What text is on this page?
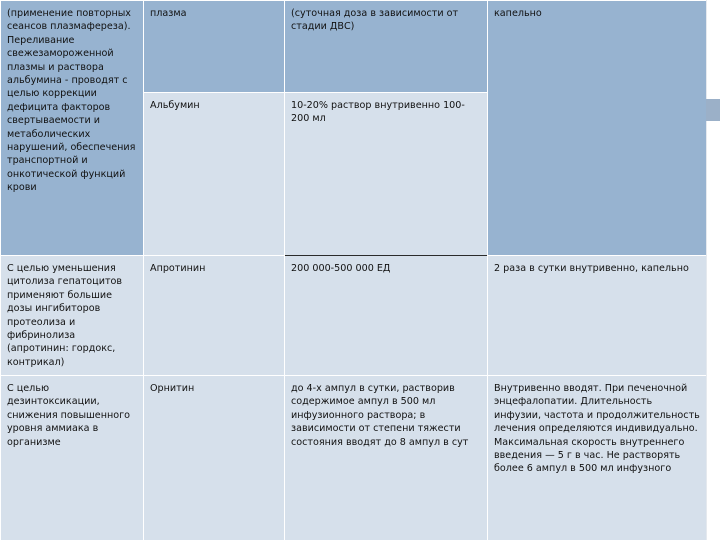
(применение повторных сеансов плазмафереза). Переливание свежезамороженной плазмы и раствора альбумина - проводят с целью коррекции дефицита факторов свертываемости и метаболических нарушений, обеспечения транспортной и онкотической функций крови	плазма	(суточная доза в зависимости от стадии ДВС)	капельно
	Альбумин	10-20% раствор внутривенно 100-200 мл	
С целью уменьшения цитолиза гепатоцитов применяют большие дозы ингибиторов протеолиза и фибринолиза (апротинин: гордокс, контрикал)	Апротинин	200 000-500 000 ЕД	2 раза в сутки внутривенно, капельно
С целью дезинтоксикации, снижения повышенного уровня аммиака в организме	Орнитин	до 4-х ампул в сутки, растворив содержимое ампул в 500 мл инфузионного раствора; в зависимости от степени тяжести состояния вводят до 8 ампул в сут	Внутривенно вводят. При печеночной энцефалопатии. Длительность инфузии, частота и продолжительность лечения определяются индивидуально. Максимальная скорость внутреннего введения — 5 г в час. Не растворять более 6 ампул в 500 мл инфузного
